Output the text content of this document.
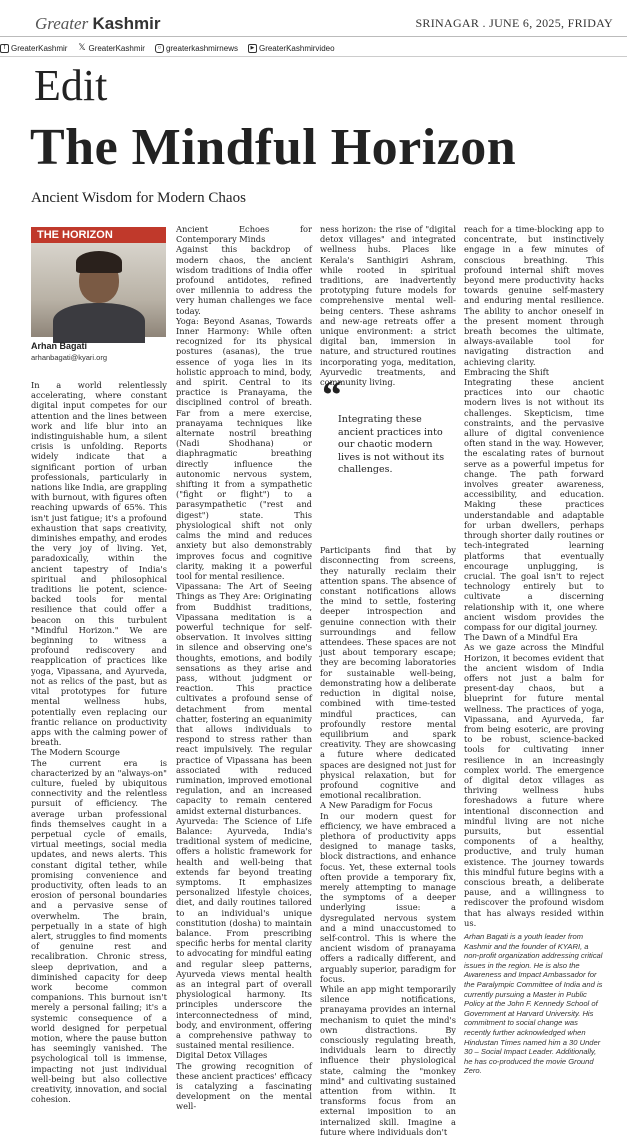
Greater Kashmir	SRINAGAR . JUNE 6, 2025, FRIDAY
f GreaterKashmir 𝕏 GreaterKashmir	○ greaterkashmirnews	▶ GreaterKashmirvideo
Edit
The Mindful Horizon
Ancient Wisdom for Modern Chaos
THE HORIZON
Arhan Bagati
arhanbagati@kyari.org

In a world relentlessly accelerating, where constant digital input competes for our attention and the lines between work and life blur into an indistinguishable hum, a silent crisis is unfolding. Reports widely indicate that a significant portion of urban professionals, particularly in nations like India, are grappling with burnout, with figures often reaching upwards of 65%. This isn't just fatigue; it's a profound exhaustion that saps creativity, diminishes empathy, and erodes the very joy of living. Yet, paradoxically, within the ancient tapestry of India's spiritual and philosophical traditions lie potent, science-backed tools for mental resilience that could offer a beacon on this turbulent "Mindful Horizon." We are beginning to witness a profound rediscovery and reapplication of practices like yoga, Vipassana, and Ayurveda, not as relics of the past, but as vital prototypes for future mental wellness hubs, potentially even replacing our frantic reliance on productivity apps with the calming power of breath.

The Modern Scourge

The current era is characterized by an "always-on" culture, fueled by ubiquitous connectivity and the relentless pursuit of efficiency. The average urban professional finds themselves caught in a perpetual cycle of emails, virtual meetings, social media updates, and news alerts. This constant digital tether, while promising convenience and productivity, often leads to an erosion of personal boundaries and a pervasive sense of overwhelm. The brain, perpetually in a state of high alert, struggles to find moments of genuine rest and recalibration. Chronic stress, sleep deprivation, and a diminished capacity for deep work become common companions. This burnout isn't merely a personal failing; it's a systemic consequence of a world designed for perpetual motion, where the pause button has seemingly vanished. The psychological toll is immense, impacting not just individual well-being but also collective creativity, innovation, and social cohesion.

Ancient Echoes for Contemporary Minds

Against this backdrop of modern chaos, the ancient wisdom traditions of India offer profound antidotes, refined over millennia to address the very human challenges we face today.

Yoga: Beyond Asanas, Towards Inner Harmony: While often recognized for its physical postures (asanas), the true essence of yoga lies in its holistic approach to mind, body, and spirit. Central to its practice is Pranayama, the disciplined control of breath. Far from a mere exercise, pranayama techniques like alternate nostril breathing (Nadi Shodhana) or diaphragmatic breathing directly influence the autonomic nervous system, shifting it from a sympathetic ("fight or flight") to a parasympathetic ("rest and digest") state. This physiological shift not only calms the mind and reduces anxiety but also demonstrably improves focus and cognitive clarity, making it a powerful tool for mental resilience.

Vipassana: The Art of Seeing Things as They Are: Originating from Buddhist traditions, Vipassana meditation is a powerful technique for self-observation. It involves sitting in silence and observing one's thoughts, emotions, and bodily sensations as they arise and pass, without judgment or reaction. This practice cultivates a profound sense of detachment from mental chatter, fostering an equanimity that allows individuals to respond to stress rather than react impulsively. The regular practice of Vipassana has been associated with reduced rumination, improved emotional regulation, and an increased capacity to remain centered amidst external disturbances.

Ayurveda: The Science of Life Balance: Ayurveda, India's traditional system of medicine, offers a holistic framework for health and well-being that extends far beyond treating symptoms. It emphasizes personalized lifestyle choices, diet, and daily routines tailored to an individual's unique constitution (dosha) to maintain balance. From prescribing specific herbs for mental clarity to advocating for mindful eating and regular sleep patterns, Ayurveda views mental health as an integral part of overall physiological harmony. Its principles underscore the interconnectedness of mind, body, and environment, offering a comprehensive pathway to sustained mental resilience.

Digital Detox Villages

The growing recognition of these ancient practices' efficacy is catalyzing a fascinating development on the mental well-

ness horizon: the rise of "digital detox villages" and integrated wellness hubs. Places like Kerala's Santhigiri Ashram, while rooted in spiritual traditions, are inadvertently prototyping future models for comprehensive mental well-being centers. These ashrams and new-age retreats offer a unique environment: a strict digital ban, immersion in nature, and structured routines incorporating yoga, meditation, Ayurvedic treatments, and community living.

Participants find that by disconnecting from screens, they naturally reclaim their attention spans. The absence of constant notifications allows the mind to settle, fostering deeper introspection and genuine connection with their surroundings and fellow attendees. These spaces are not just about temporary escape; they are becoming laboratories for sustainable well-being, demonstrating how a deliberate reduction in digital noise, combined with time-tested mindful practices, can profoundly restore mental equilibrium and spark creativity. They are showcasing a future where dedicated spaces are designed not just for physical relaxation, but for profound cognitive and emotional recalibration.

A New Paradigm for Focus

In our modern quest for efficiency, we have embraced a plethora of productivity apps designed to manage tasks, block distractions, and enhance focus. Yet, these external tools often provide a temporary fix, merely attempting to manage the symptoms of a deeper underlying issue: a dysregulated nervous system and a mind unaccustomed to self-control. This is where the ancient wisdom of pranayama offers a radically different, and arguably superior, paradigm for focus.

While an app might temporarily silence notifications, pranayama provides an internal mechanism to quiet the mind's own distractions. By consciously regulating breath, individuals learn to directly influence their physiological state, calming the "monkey mind" and cultivating sustained attention from within. It transforms focus from an external imposition to an internalized skill. Imagine a future where individuals don't

“
Integrating these ancient practices into our chaotic modern lives is not without its challenges.

reach for a time-blocking app to concentrate, but instinctively engage in a few minutes of conscious breathing. This profound internal shift moves beyond mere productivity hacks towards genuine self-mastery and enduring mental resilience. The ability to anchor oneself in the present moment through breath becomes the ultimate, always-available tool for navigating distraction and achieving clarity.

Embracing the Shift

Integrating these ancient practices into our chaotic modern lives is not without its challenges. Skepticism, time constraints, and the pervasive allure of digital convenience often stand in the way. However, the escalating rates of burnout serve as a powerful impetus for change. The path forward involves greater awareness, accessibility, and education. Making these practices understandable and adaptable for urban dwellers, perhaps through shorter daily routines or tech-integrated learning platforms that eventually encourage unplugging, is crucial. The goal isn't to reject technology entirely but to cultivate a discerning relationship with it, one where ancient wisdom provides the compass for our digital journey.

The Dawn of a Mindful Era

As we gaze across the Mindful Horizon, it becomes evident that the ancient wisdom of India offers not just a balm for present-day chaos, but a blueprint for future mental wellness. The practices of yoga, Vipassana, and Ayurveda, far from being esoteric, are proving to be robust, science-backed tools for cultivating inner resilience in an increasingly complex world. The emergence of digital detox villages as thriving wellness hubs foreshadows a future where intentional disconnection and mindful living are not niche pursuits, but essential components of a healthy, productive, and truly human existence. The journey towards this mindful future begins with a conscious breath, a deliberate pause, and a willingness to rediscover the profound wisdom that has always resided within us.

Arhan Bagati is a youth leader from Kashmir and the founder of KYARI, a non-profit organization addressing critical issues in the region. He is also the Awareness and Impact Ambassador for the Paralympic Committee of India and is currently pursuing a Master in Public Policy at the John F. Kennedy School of Government at Harvard University. His commitment to social change was recently further acknowledged when Hindustan Times named him a 30 Under 30 – Social Impact Leader. Additionally, he has co-produced the movie Ground Zero.
